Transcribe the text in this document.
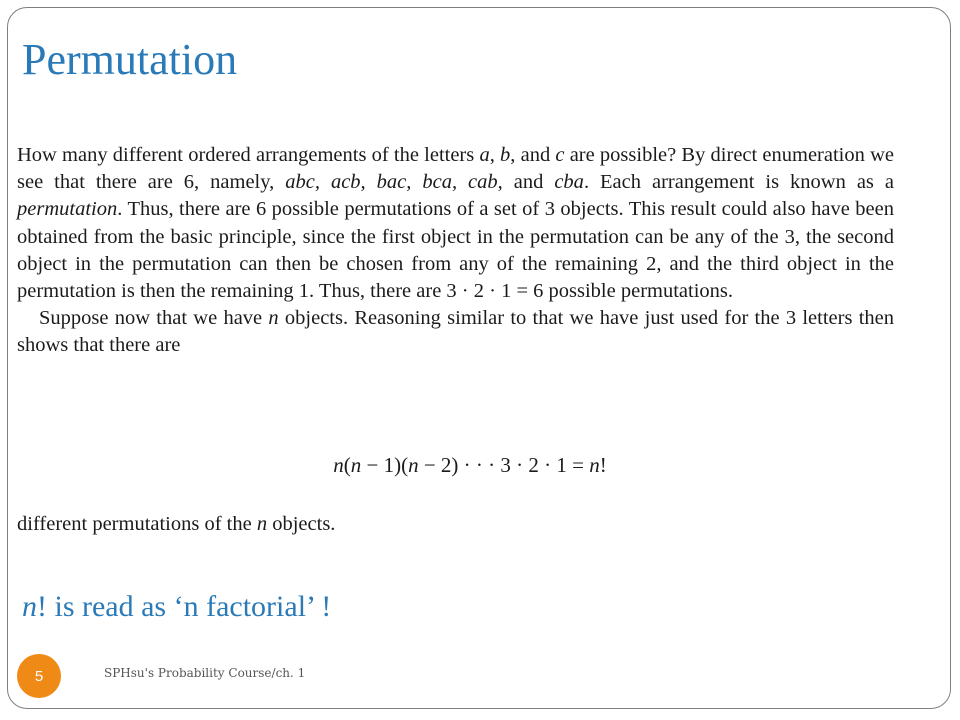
Permutation

How many different ordered arrangements of the letters a, b, and c are possible? By direct enumeration we see that there are 6, namely, abc, acb, bac, bca, cab, and cba. Each arrangement is known as a permutation. Thus, there are 6 possible permutations of a set of 3 objects. This result could also have been obtained from the basic principle, since the first object in the permutation can be any of the 3, the second object in the permutation can then be chosen from any of the remaining 2, and the third object in the permutation is then the remaining 1. Thus, there are 3 · 2 · 1 = 6 possible permutations.

Suppose now that we have n objects. Reasoning similar to that we have just used for the 3 letters then shows that there are

n(n − 1)(n − 2) · · · 3 · 2 · 1 = n!
different permutations of the n objects.
n! is read as ‘n factorial’ !
5	SPHsu's Probability Course/ch. 1
